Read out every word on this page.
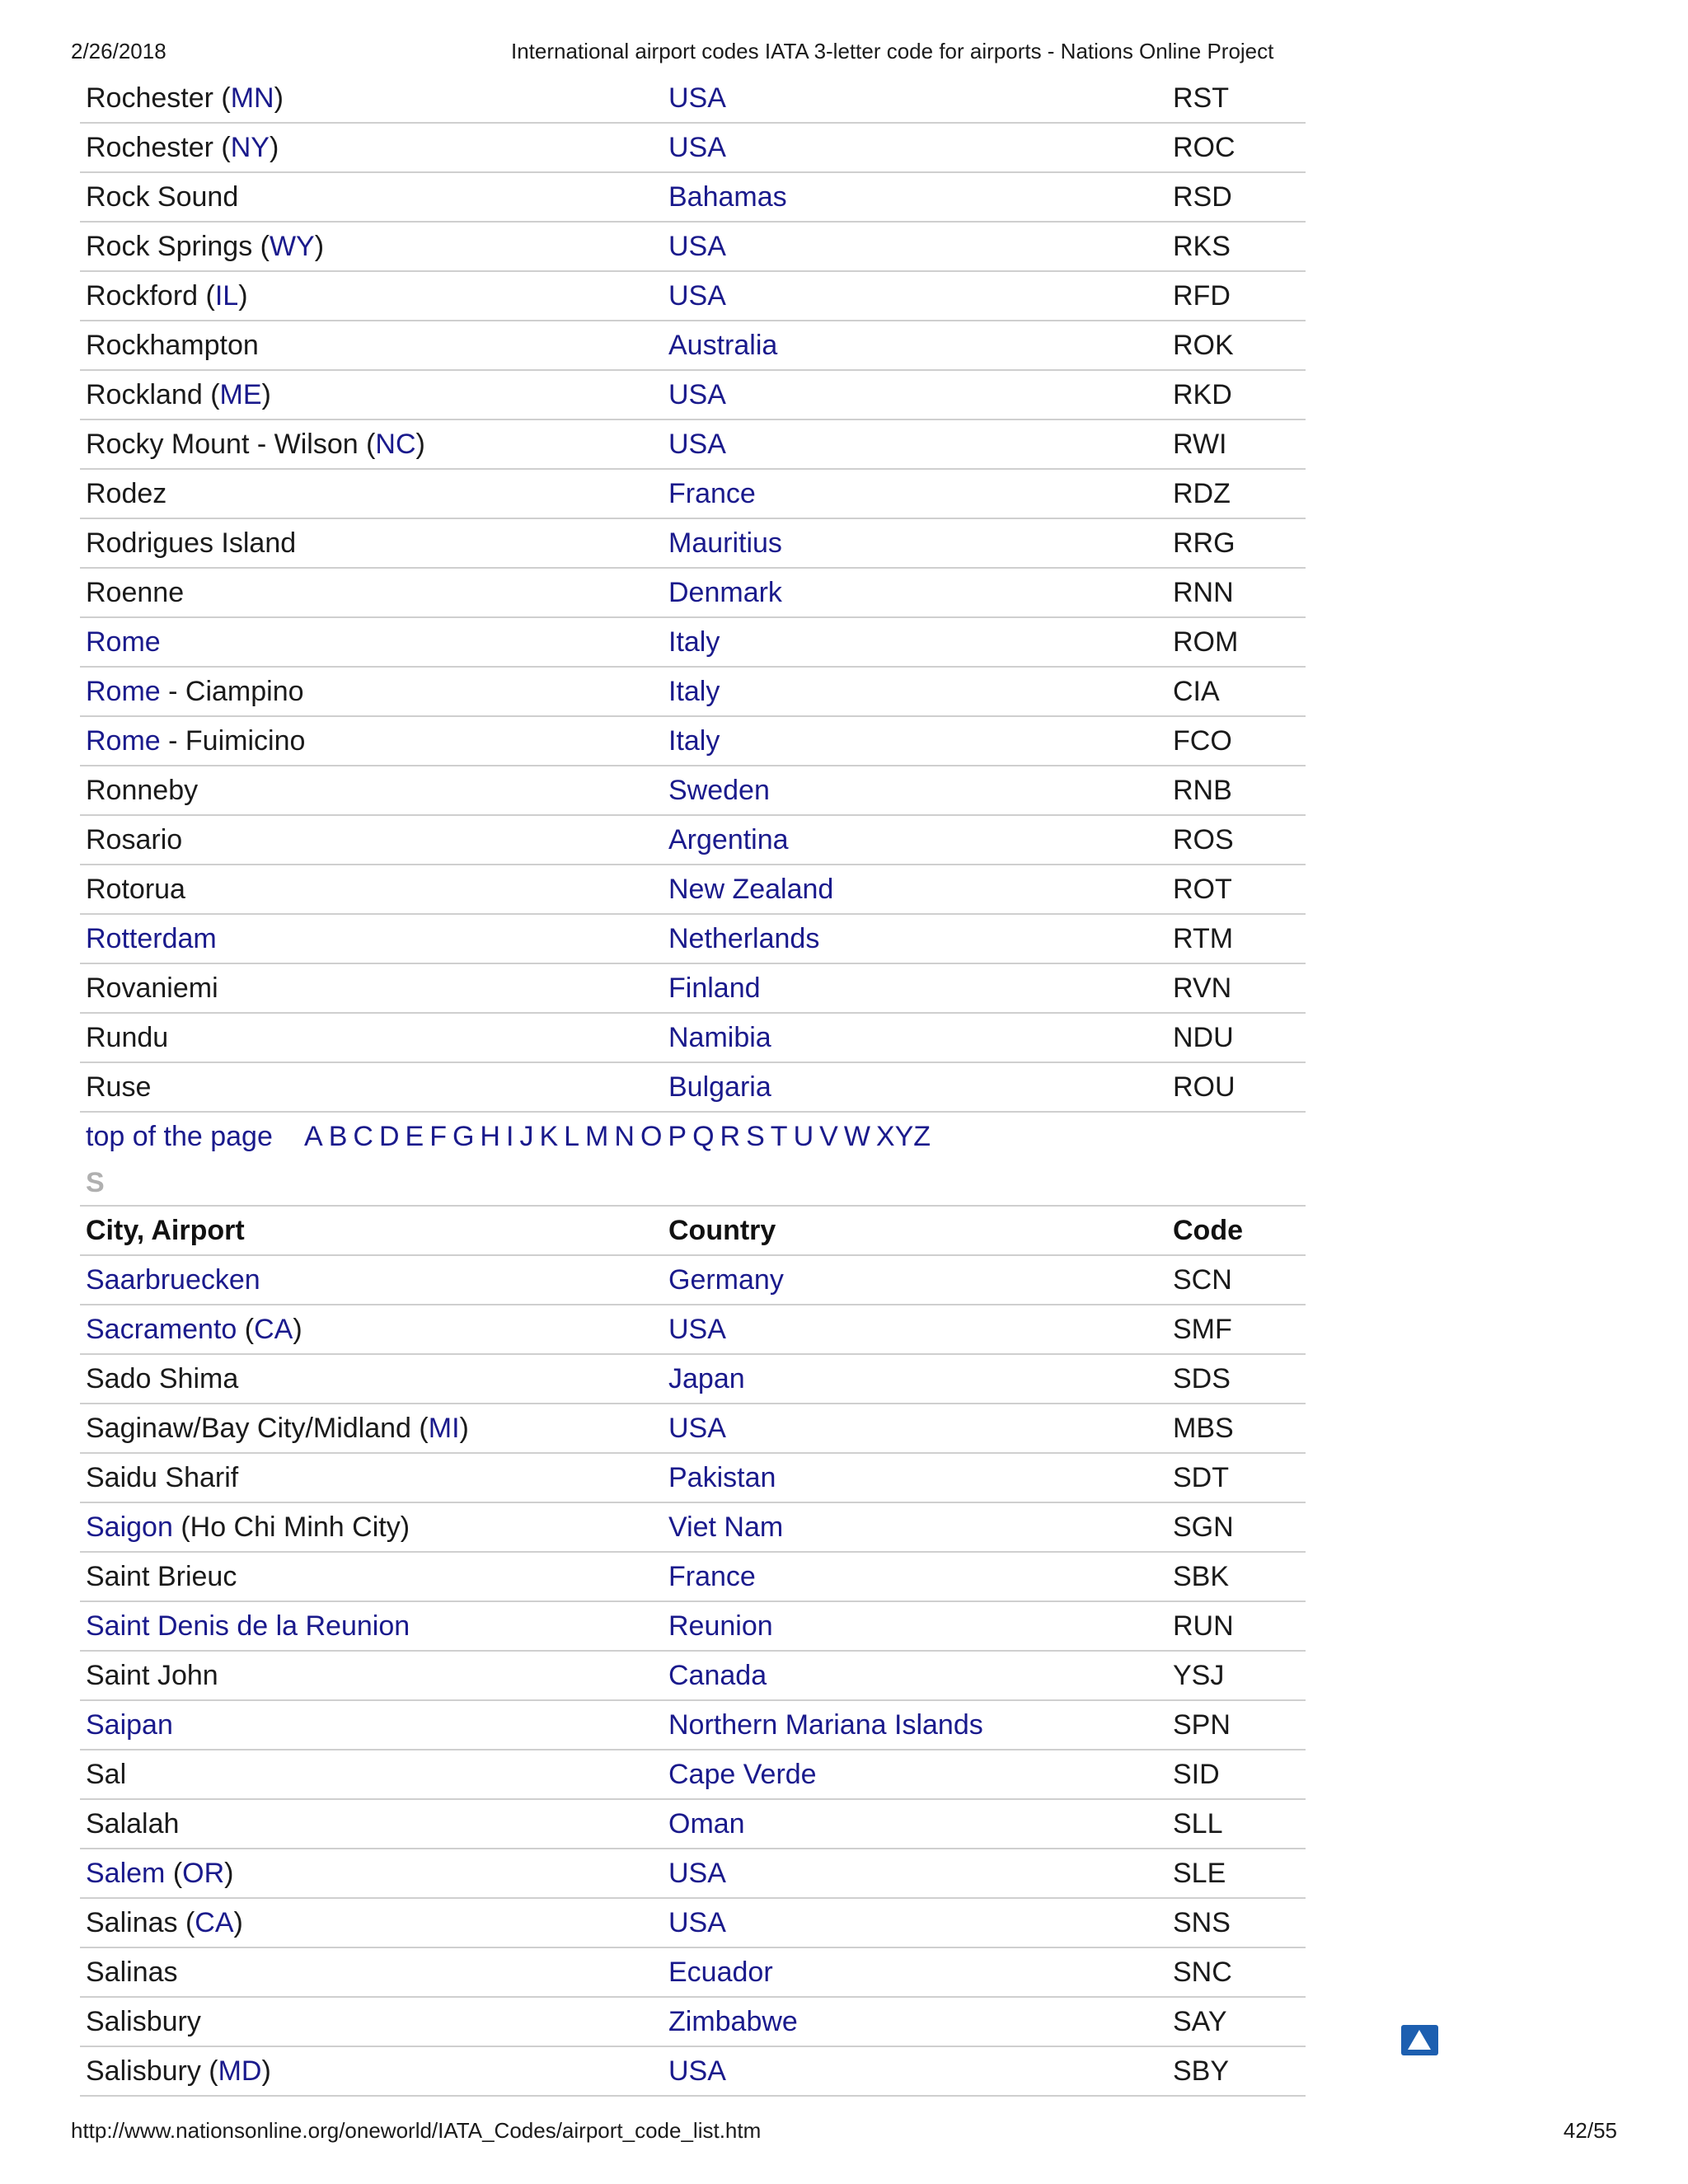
2/26/2018	International airport codes IATA 3-letter code for airports - Nations Online Project
Rochester (MN)	USA	RST
Rochester (NY)	USA	ROC
Rock Sound	Bahamas	RSD
Rock Springs (WY)	USA	RKS
Rockford (IL)	USA	RFD
Rockhampton	Australia	ROK
Rockland (ME)	USA	RKD
Rocky Mount - Wilson (NC)	USA	RWI
Rodez	France	RDZ
Rodrigues Island	Mauritius	RRG
Roenne	Denmark	RNN
Rome	Italy	ROM
Rome - Ciampino	Italy	CIA
Rome - Fuimicino	Italy	FCO
Ronneby	Sweden	RNB
Rosario	Argentina	ROS
Rotorua	New Zealand	ROT
Rotterdam	Netherlands	RTM
Rovaniemi	Finland	RVN
Rundu	Namibia	NDU
Ruse	Bulgaria	ROU
top of the page A B C D E F G H I J K L M N O P Q R S T U V W XYZ
S
City, Airport	Country	Code
Saarbruecken	Germany	SCN
Sacramento (CA)	USA	SMF
Sado Shima	Japan	SDS
Saginaw/Bay City/Midland (MI)	USA	MBS
Saidu Sharif	Pakistan	SDT
Saigon (Ho Chi Minh City)	Viet Nam	SGN
Saint Brieuc	France	SBK
Saint Denis de la Reunion	Reunion	RUN
Saint John	Canada	YSJ
Saipan	Northern Mariana Islands	SPN
Sal	Cape Verde	SID
Salalah	Oman	SLL
Salem (OR)	USA	SLE
Salinas (CA)	USA	SNS
Salinas	Ecuador	SNC
Salisbury	Zimbabwe	SAY
Salisbury (MD)	USA	SBY
http://www.nationsonline.org/oneworld/IATA_Codes/airport_code_list.htm	42/55
